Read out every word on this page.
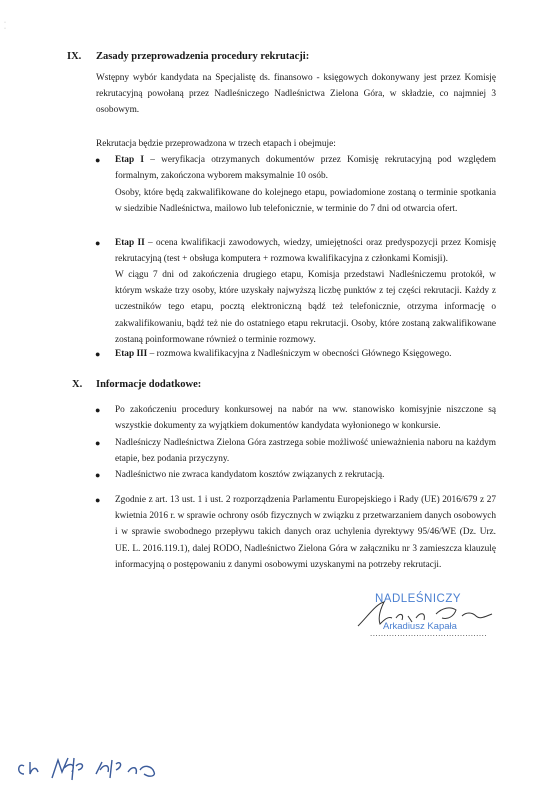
·
·
IX. Zasady przeprowadzenia procedury rekrutacji:
Wstępny wybór kandydata na Specjalistę ds. finansowo - księgowych dokonywany jest przez Komisję rekrutacyjną powołaną przez Nadleśniczego Nadleśnictwa Zielona Góra, w składzie, co najmniej 3 osobowym.
Rekrutacja będzie przeprowadzona w trzech etapach i obejmuje:
● Etap I – weryfikacja otrzymanych dokumentów przez Komisję rekrutacyjną pod względem formalnym, zakończona wyborem maksymalnie 10 osób.
Osoby, które będą zakwalifikowane do kolejnego etapu, powiadomione zostaną o terminie spotkania w siedzibie Nadleśnictwa, mailowo lub telefonicznie, w terminie do 7 dni od otwarcia ofert.
● Etap II – ocena kwalifikacji zawodowych, wiedzy, umiejętności oraz predyspozycji przez Komisję rekrutacyjną (test + obsługa komputera + rozmowa kwalifikacyjna z członkami Komisji).
W ciągu 7 dni od zakończenia drugiego etapu, Komisja przedstawi Nadleśniczemu protokół, w którym wskaże trzy osoby, które uzyskały najwyższą liczbę punktów z tej części rekrutacji. Każdy z uczestników tego etapu, pocztą elektroniczną bądź też telefonicznie, otrzyma informację o zakwalifikowaniu, bądź też nie do ostatniego etapu rekrutacji. Osoby, które zostaną zakwalifikowane zostaną poinformowane również o terminie rozmowy.
● Etap III – rozmowa kwalifikacyjna z Nadleśniczym w obecności Głównego Księgowego.
X. Informacje dodatkowe:
● Po zakończeniu procedury konkursowej na nabór na ww. stanowisko komisyjnie niszczone są wszystkie dokumenty za wyjątkiem dokumentów kandydata wyłonionego w konkursie.
● Nadleśniczy Nadleśnictwa Zielona Góra zastrzega sobie możliwość unieważnienia naboru na każdym etapie, bez podania przyczyny.
● Nadleśnictwo nie zwraca kandydatom kosztów związanych z rekrutacją.
● Zgodnie z art. 13 ust. 1 i ust. 2 rozporządzenia Parlamentu Europejskiego i Rady (UE) 2016/679 z 27 kwietnia 2016 r. w sprawie ochrony osób fizycznych w związku z przetwarzaniem danych osobowych i w sprawie swobodnego przepływu takich danych oraz uchylenia dyrektywy 95/46/WE (Dz. Urz. UE. L. 2016.119.1), dalej RODO, Nadleśnictwo Zielona Góra w załączniku nr 3 zamieszcza klauzulę informacyjną o postępowaniu z danymi osobowymi uzyskanymi na potrzeby rekrutacji.
NADLEŚNICZY
Arkadiusz Kapała
...........................................
